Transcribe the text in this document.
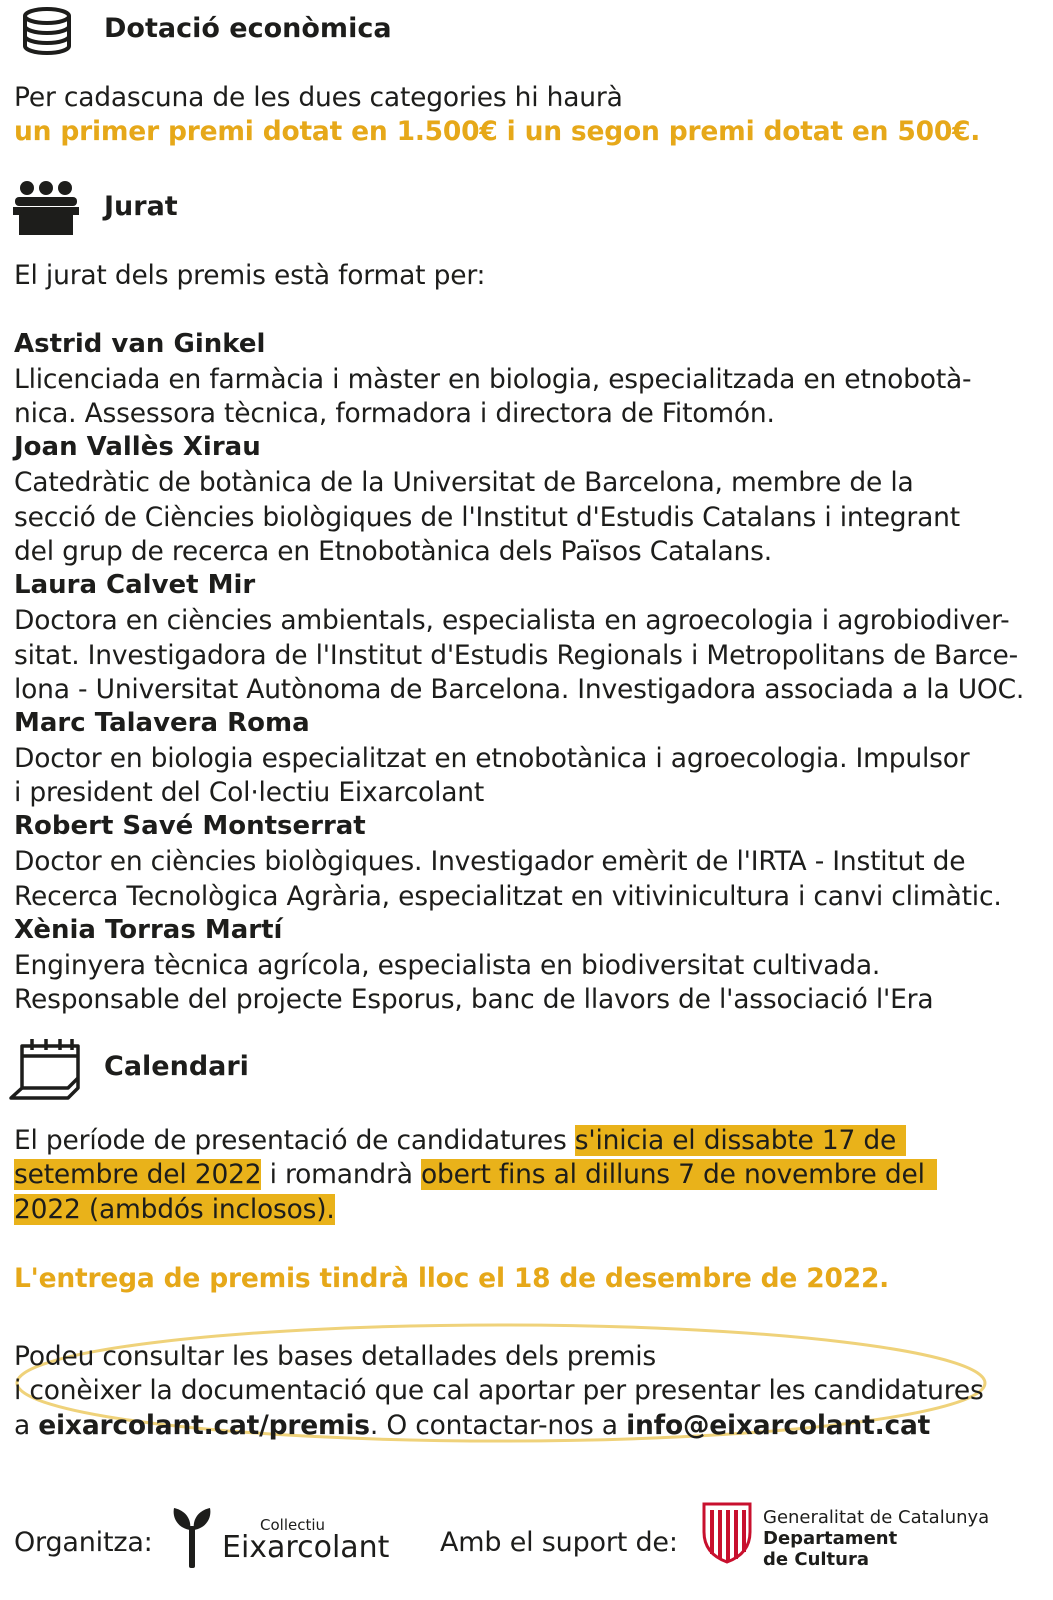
Dotació econòmica
Per cadascuna de les dues categories hi haurà
un primer premi dotat en 1.500€ i un segon premi dotat en 500€.
Jurat
El jurat dels premis està format per:
Astrid van Ginkel
Llicenciada en farmàcia i màster en biologia, especialitzada en etnobotà-
nica. Assessora tècnica, formadora i directora de Fitomón.
Joan Vallès Xirau
Catedràtic de botànica de la Universitat de Barcelona, membre de la
secció de Ciències biològiques de l'Institut d'Estudis Catalans i integrant
del grup de recerca en Etnobotànica dels Països Catalans.
Laura Calvet Mir
Doctora en ciències ambientals, especialista en agroecologia i agrobiodiver-
sitat. Investigadora de l'Institut d'Estudis Regionals i Metropolitans de Barce-
lona - Universitat Autònoma de Barcelona. Investigadora associada a la UOC.
Marc Talavera Roma
Doctor en biologia especialitzat en etnobotànica i agroecologia. Impulsor
i president del Col·lectiu Eixarcolant
Robert Savé Montserrat
Doctor en ciències biològiques. Investigador emèrit de l'IRTA - Institut de
Recerca Tecnològica Agrària, especialitzat en vitivinicultura i canvi climàtic.
Xènia Torras Martí
Enginyera tècnica agrícola, especialista en biodiversitat cultivada.
Responsable del projecte Esporus, banc de llavors de l'associació l'Era
Calendari
El període de presentació de candidatures s'inicia el dissabte 17 de
setembre del 2022 i romandrà obert fins al dilluns 7 de novembre del
2022 (ambdós inclosos).
L'entrega de premis tindrà lloc el 18 de desembre de 2022.
Podeu consultar les bases detallades dels premis
i conèixer la documentació que cal aportar per presentar les candidatures
a eixarcolant.cat/premis. O contactar-nos a info@eixarcolant.cat
Organitza:
Collectiu
Eixarcolant Amb el suport de:
Generalitat de Catalunya
Departament
de Cultura
